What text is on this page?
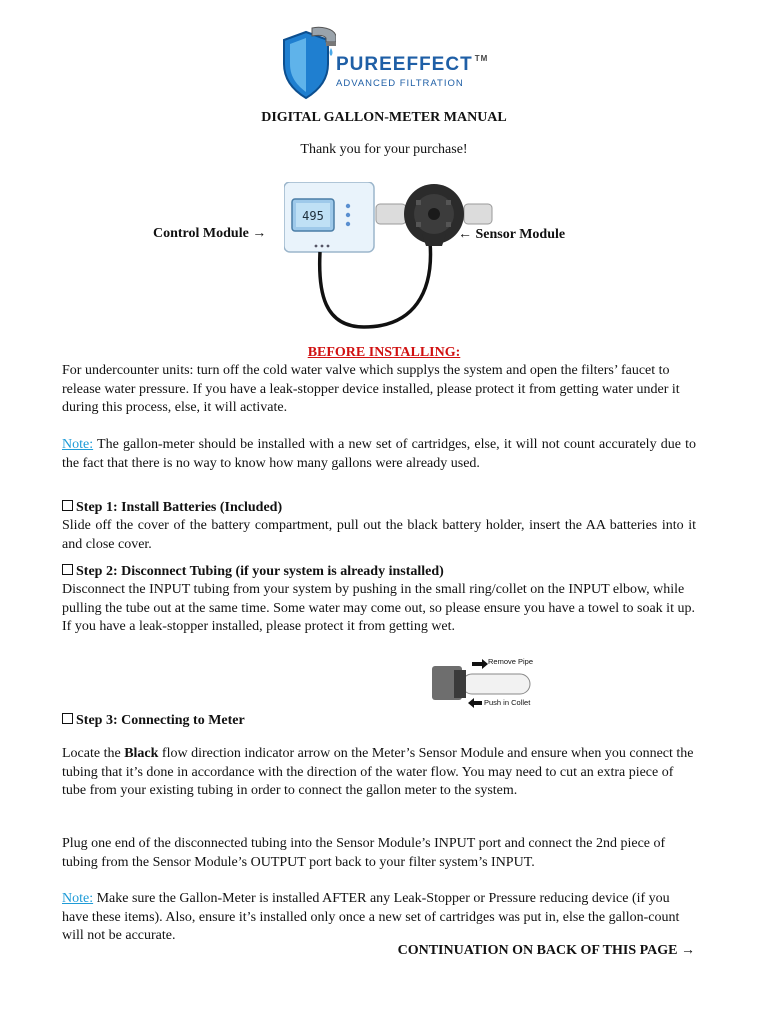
PUREEFFECT ™
ADVANCED FILTRATION
DIGITAL GALLON-METER MANUAL
Thank you for your purchase!
Control Module →	← Sensor Module
495
BEFORE INSTALLING:
For undercounter units: turn off the cold water valve which supplys the system and open the filters’ faucet to release water pressure. If you have a leak-stopper device installed, please protect it from getting water under it during this process, else, it will activate.
Note: The gallon-meter should be installed with a new set of cartridges, else, it will not count accurately due to the fact that there is no way to know how many gallons were already used.
Step 1: Install Batteries (Included)
Slide off the cover of the battery compartment, pull out the black battery holder, insert the AA batteries into it and close cover.
Step 2: Disconnect Tubing (if your system is already installed)
Disconnect the INPUT tubing from your system by pushing in the small ring/collet on the INPUT elbow, while pulling the tube out at the same time. Some water may come out, so please ensure you have a towel to soak it up. If you have a leak-stopper installed, please protect it from getting wet.
Remove Pipe
Push in Collet
Step 3: Connecting to Meter
Locate the Black flow direction indicator arrow on the Meter’s Sensor Module and ensure when you connect the tubing that it’s done in accordance with the direction of the water flow. You may need to cut an extra piece of tube from your existing tubing in order to connect the gallon meter to the system.
Plug one end of the disconnected tubing into the Sensor Module’s INPUT port and connect the 2nd piece of tubing from the Sensor Module’s OUTPUT port back to your filter system’s INPUT.
Note: Make sure the Gallon-Meter is installed AFTER any Leak-Stopper or Pressure reducing device (if you have these items). Also, ensure it’s installed only once a new set of cartridges was put in, else the gallon-count will not be accurate.
CONTINUATION ON BACK OF THIS PAGE →
